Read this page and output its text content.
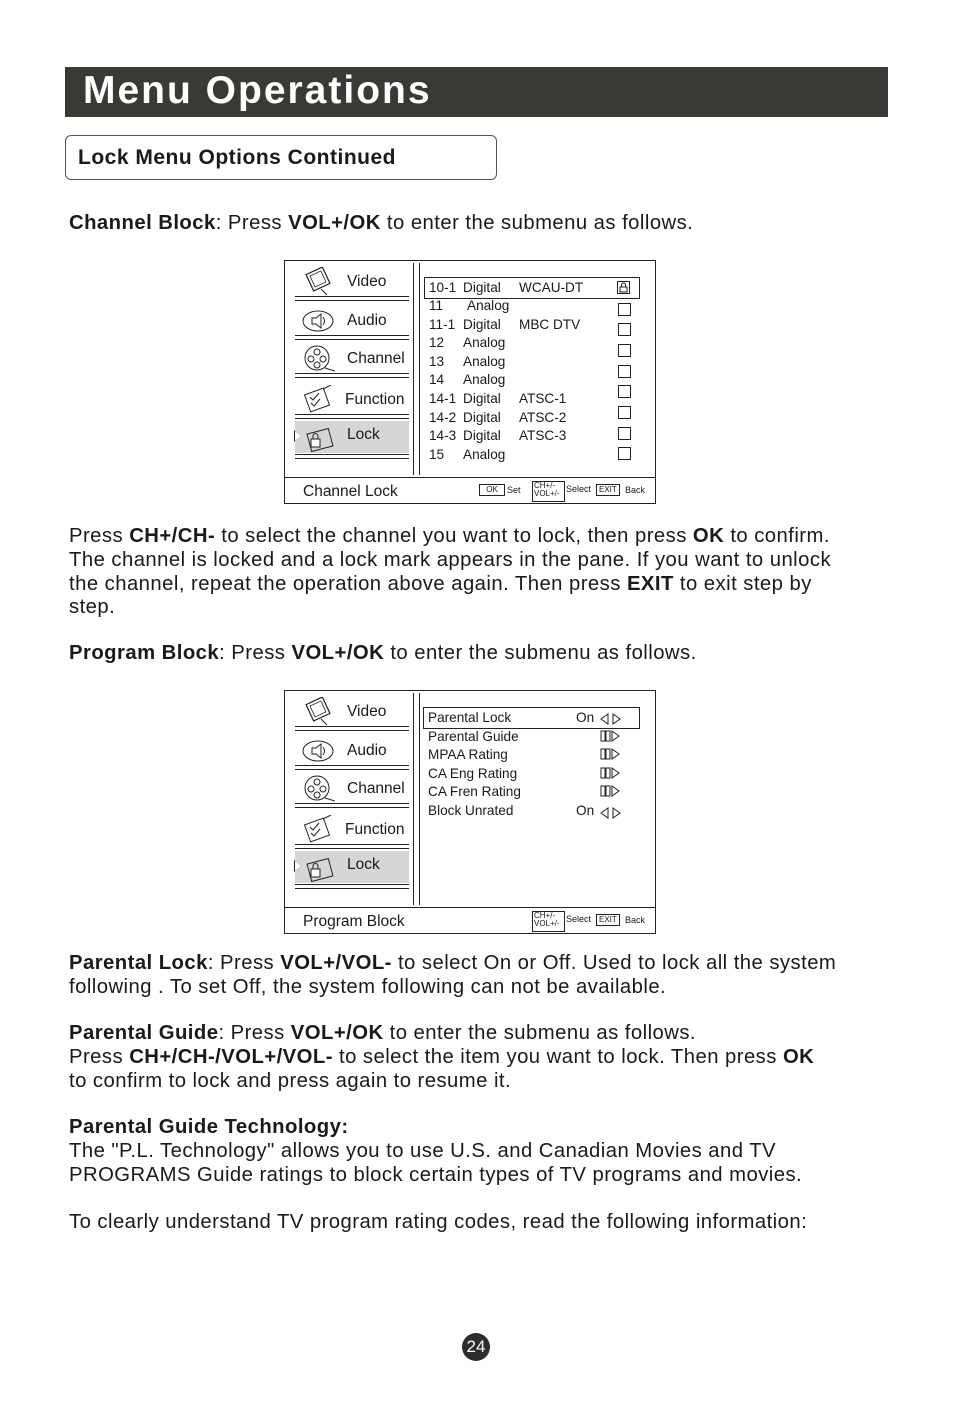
Menu Operations
Lock Menu Options Continued
Channel Block: Press VOL+/OK to enter the submenu as follows.
Video
Audio
Channel
Function
Lock
10-1 Digital WCAU-DT
11 Analog
11-1 Digital MBC DTV
12 Analog
13 Analog
14 Analog
14-1 Digital ATSC-1
14-2 Digital ATSC-2
14-3 Digital ATSC-3
15 Analog
Channel Lock	OK	Set CH+/-
VOL+/- Select EXIT Back
Press CH+/CH- to select the channel you want to lock, then press OK to confirm.
The channel is locked and a lock mark appears in the pane. If you want to unlock
the channel, repeat the operation above again. Then press EXIT to exit step by
step.
Program Block: Press VOL+/OK to enter the submenu as follows.
Video
Audio
Channel
Function
Lock
Parental Lock	On
Parental Guide
MPAA Rating
CA Eng Rating
CA Fren Rating
Block Unrated	On
Program Block	CH+/-
VOL+/- Select EXIT Back
Parental Lock: Press VOL+/VOL- to select On or Off. Used to lock all the system
following . To set Off, the system following can not be available.
Parental Guide: Press VOL+/OK to enter the submenu as follows.
Press CH+/CH-/VOL+/VOL- to select the item you want to lock. Then press OK
to confirm to lock and press again to resume it.
Parental Guide Technology:
The "P.L. Technology" allows you to use U.S. and Canadian Movies and TV
PROGRAMS Guide ratings to block certain types of TV programs and movies.
To clearly understand TV program rating codes, read the following information:
24
